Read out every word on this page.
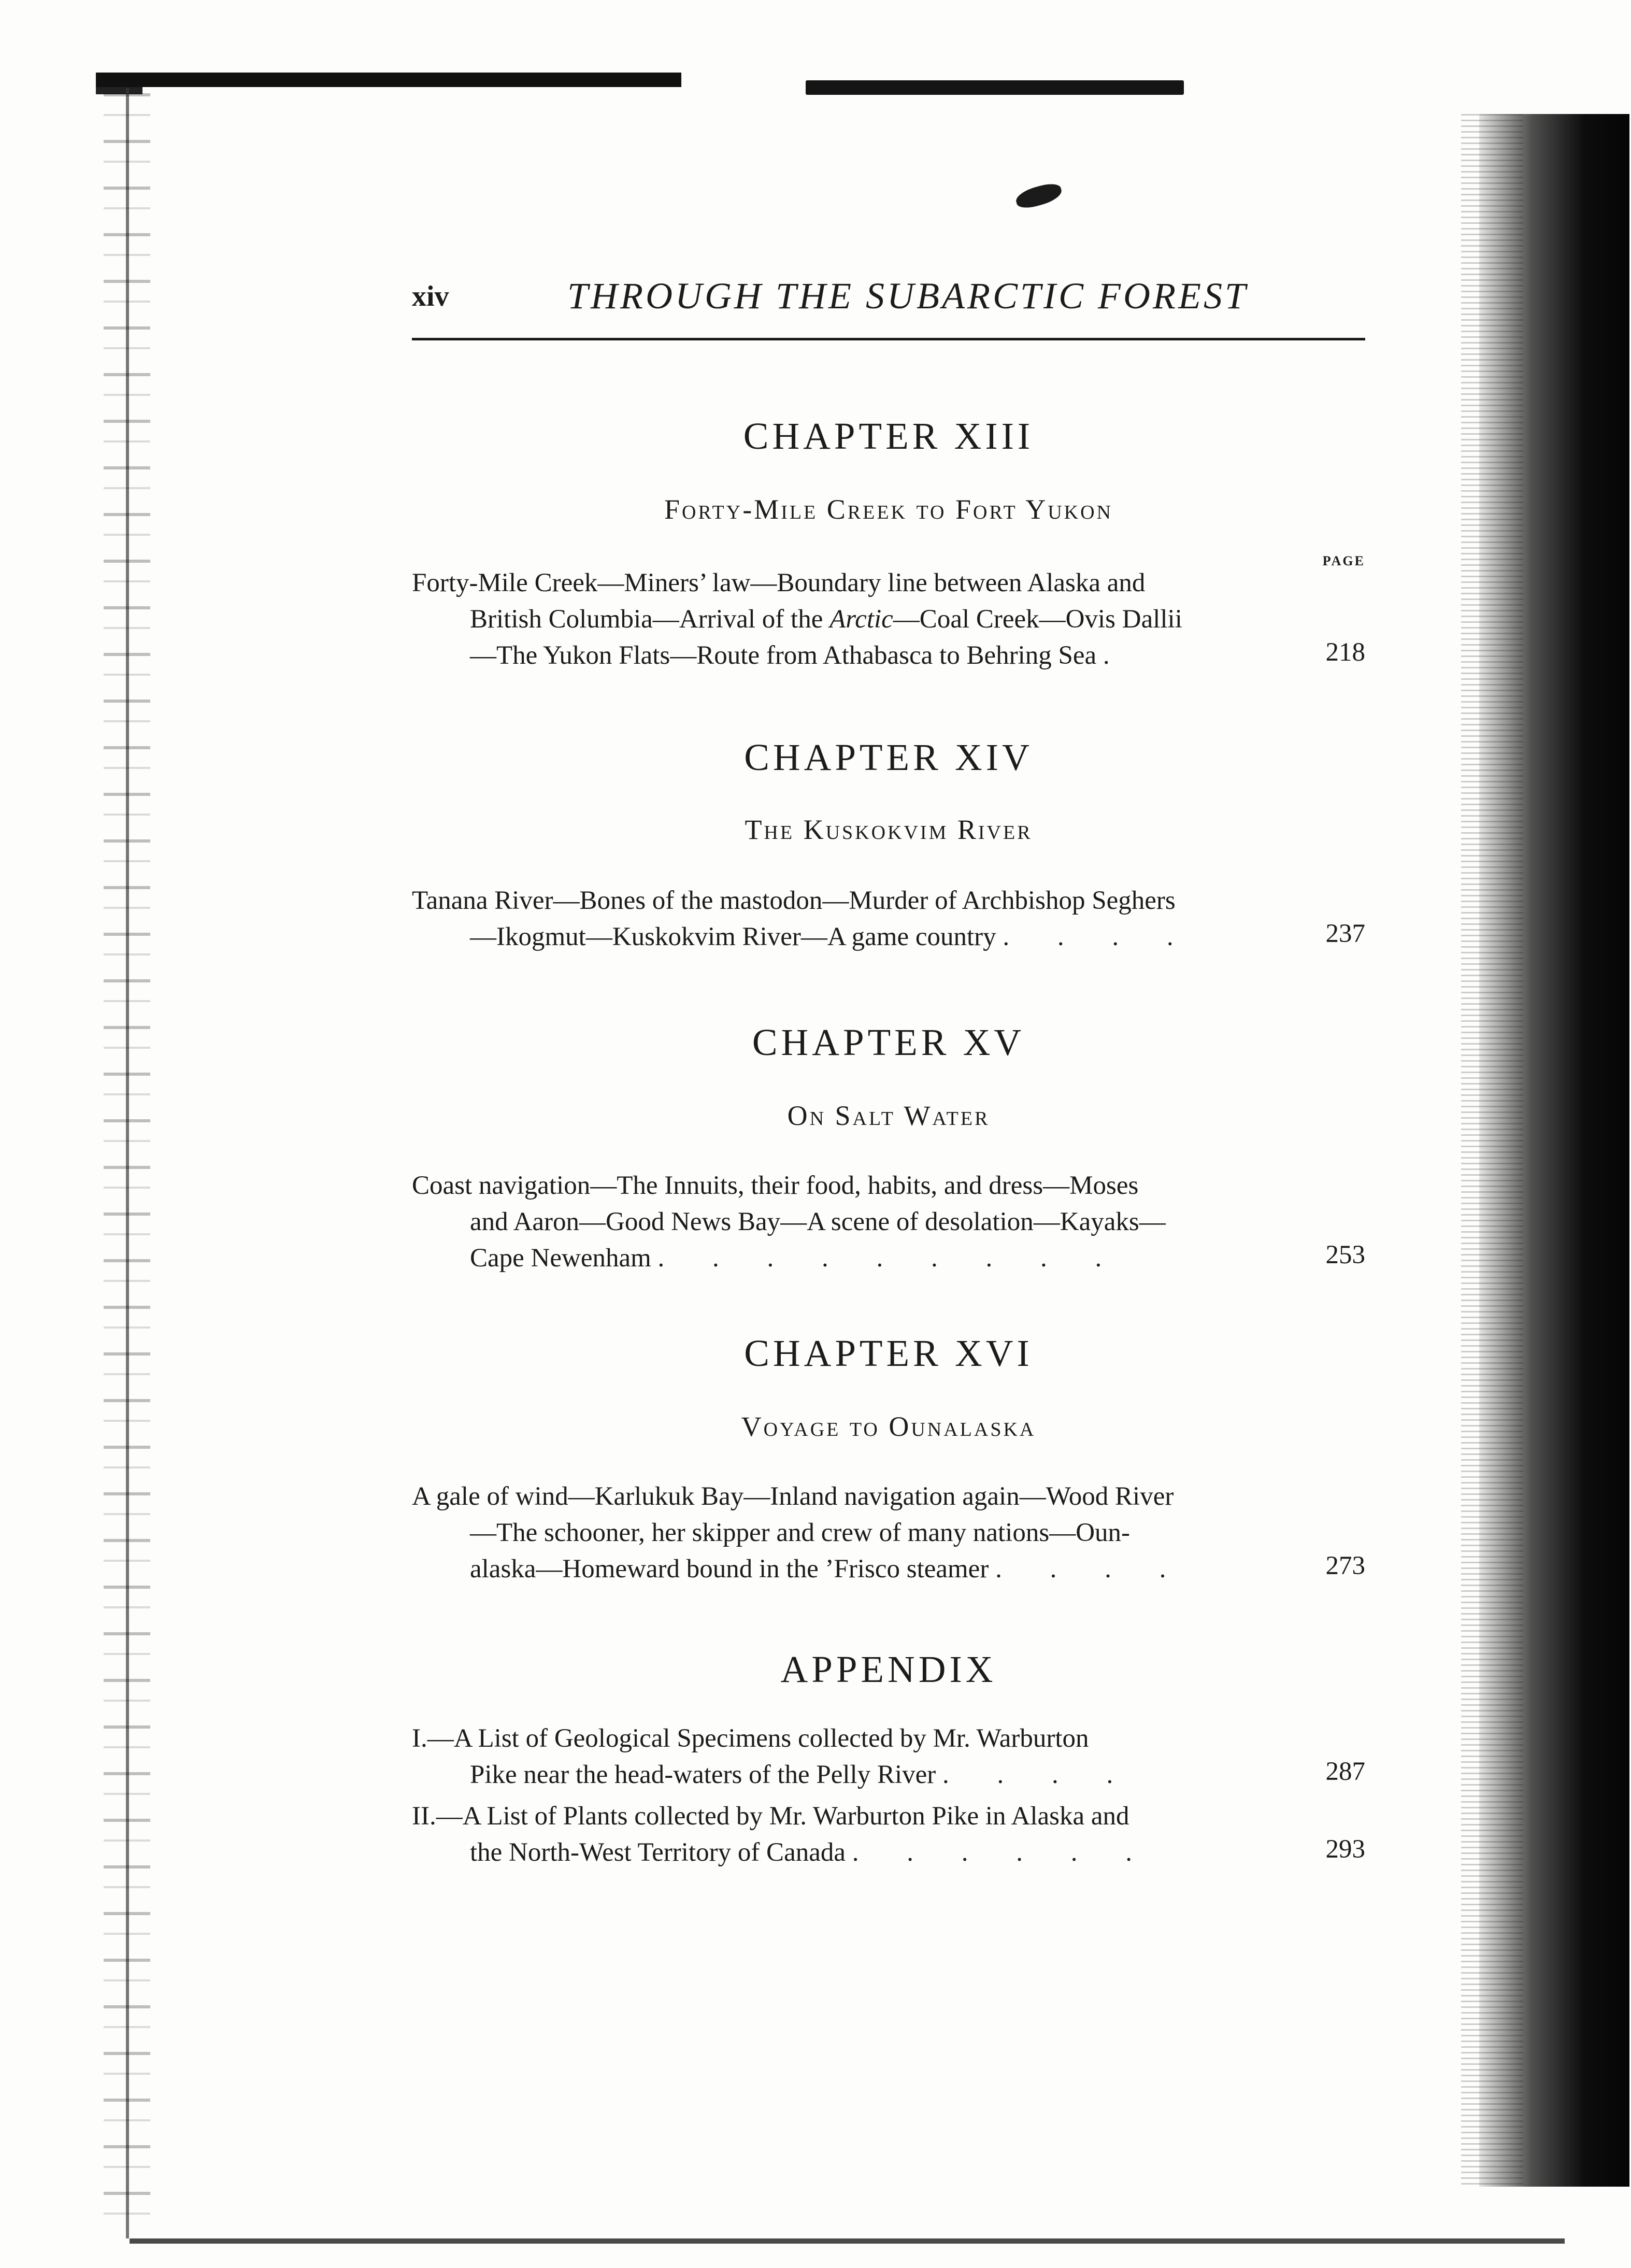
xiv	THROUGH THE SUBARCTIC FOREST
CHAPTER XIII
Forty-Mile Creek to Fort Yukon
PAGE
Forty-Mile Creek—Miners’ law—Boundary line between Alaska and
British Columbia—Arrival of the Arctic—Coal Creek—Ovis Dallii
—The Yukon Flats—Route from Athabasca to Behring Sea .	218
CHAPTER XIV
The Kuskokvim River
Tanana River—Bones of the mastodon—Murder of Archbishop Seghers
—Ikogmut—Kuskokvim River—A game country . . . .	237
CHAPTER XV
On Salt Water
Coast navigation—The Innuits, their food, habits, and dress—Moses
and Aaron—Good News Bay—A scene of desolation—Kayaks—
Cape Newenham . . . . . . . . .	253
CHAPTER XVI
Voyage to Ounalaska
A gale of wind—Karlukuk Bay—Inland navigation again—Wood River
—The schooner, her skipper and crew of many nations—Oun-
alaska—Homeward bound in the ’Frisco steamer . . . .	273
APPENDIX
I.—A List of Geological Specimens collected by Mr. Warburton
Pike near the head-waters of the Pelly River . . . .	287
II.—A List of Plants collected by Mr. Warburton Pike in Alaska and
the North-West Territory of Canada . . . . . .	293
